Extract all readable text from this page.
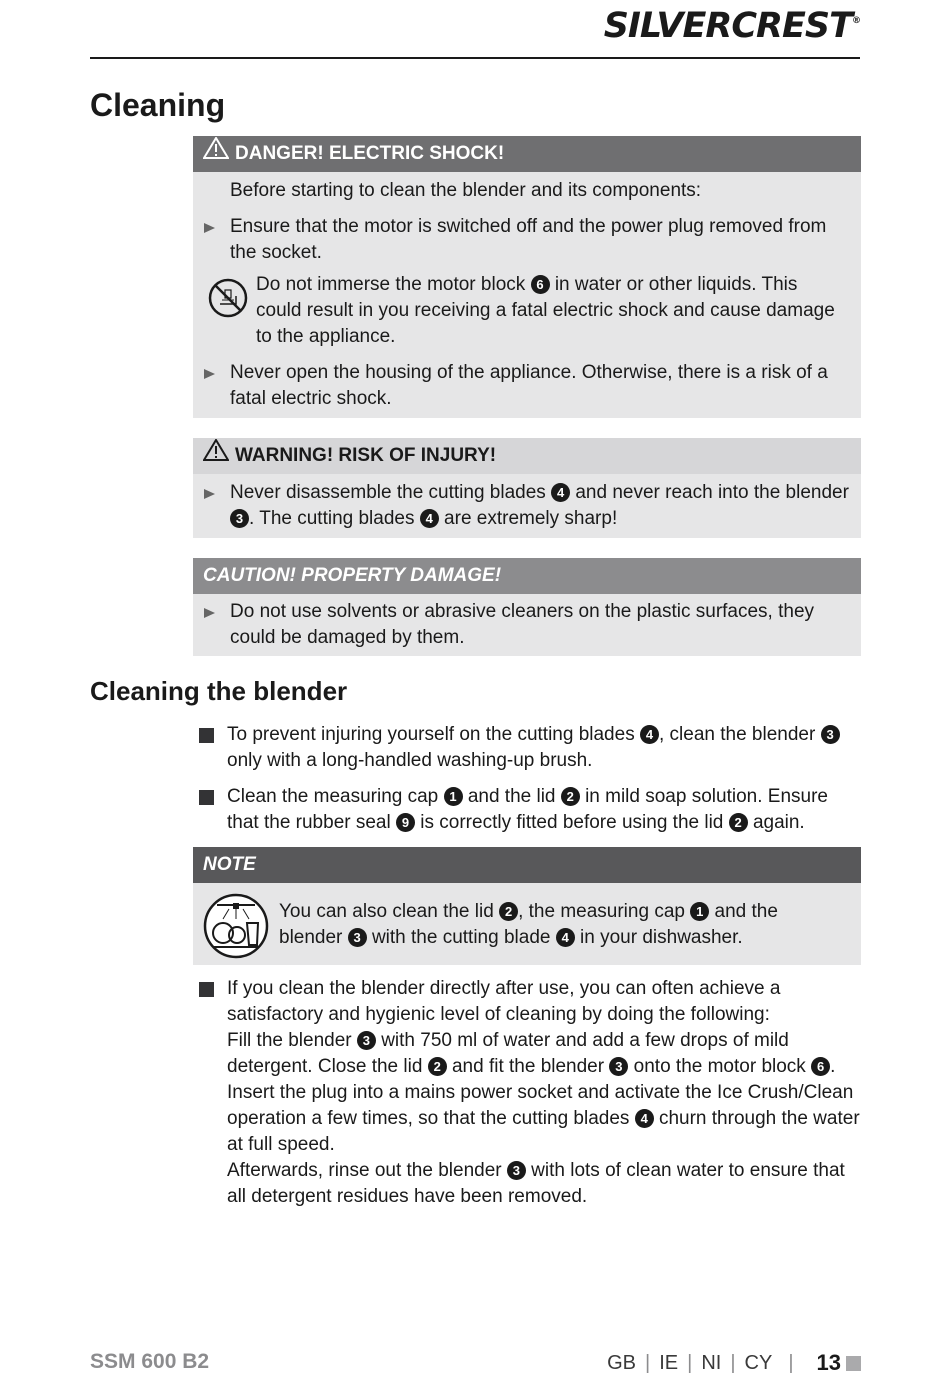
SILVERCREST®
Cleaning
DANGER! ELECTRIC SHOCK!
Before starting to clean the blender and its components:
Ensure that the motor is switched off and the power plug removed from the socket.
Do not immerse the motor block 6 in water or other liquids. This could result in you receiving a fatal electric shock and cause damage to the appliance.
Never open the housing of the appliance. Otherwise, there is a risk of a fatal electric shock.
WARNING! RISK OF INJURY!
Never disassemble the cutting blades 4 and never reach into the blender 3 . The cutting blades 4 are extremely sharp!
CAUTION! PROPERTY DAMAGE!
Do not use solvents or abrasive cleaners on the plastic surfaces, they could be damaged by them.
Cleaning the blender
To prevent injuring yourself on the cutting blades 4 , clean the blender 3 only with a long-handled washing-up brush.
Clean the measuring cap 1 and the lid 2 in mild soap solution. Ensure that the rubber seal 9 is correctly fitted before using the lid 2 again.
NOTE
You can also clean the lid 2 , the measuring cap 1 and the blender 3 with the cutting blade 4 in your dishwasher.
If you clean the blender directly after use, you can often achieve a satisfactory and hygienic level of cleaning by doing the following:
Fill the blender 3 with 750 ml of water and add a few drops of mild detergent. Close the lid 2 and fit the blender 3 onto the motor block 6 .
Insert the plug into a mains power socket and activate the Ice Crush/Clean operation a few times, so that the cutting blades 4 churn through the water at full speed.
Afterwards, rinse out the blender 3 with lots of clean water to ensure that all detergent residues have been removed.
SSM 600 B2	GB | IE | NI | CY | 13
